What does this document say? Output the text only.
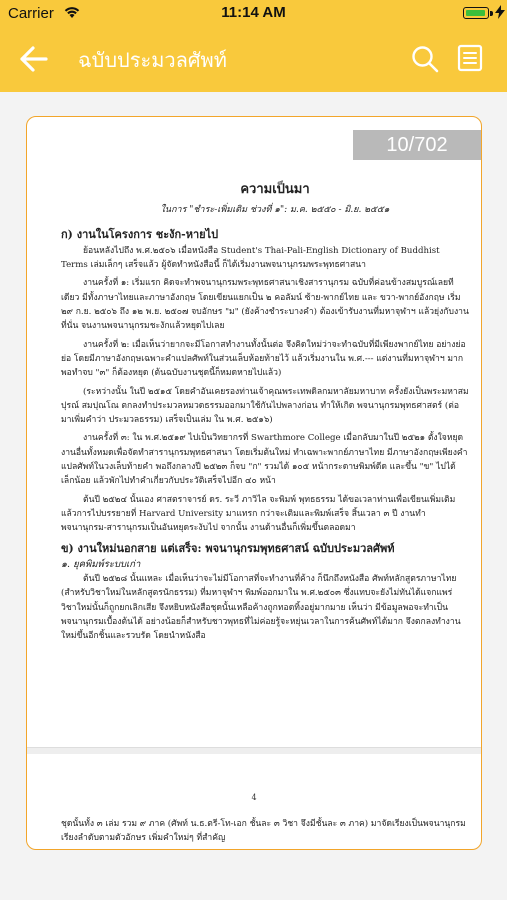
Carrier	11:14 AM
ฉบับประมวลศัพท์
10/702
ความเป็นมา
ในการ "ชำระ-เพิ่มเติม ช่วงที่ ๑": ม.ค. ๒๕๕๐ - มิ.ย. ๒๕๕๑
ก) งานในโครงการ ชะงัก-หายไป
ย้อนหลังไปถึง พ.ศ.๒๕๐๖ เมื่อหนังสือ Student's Thai-Pali-English Dictionary of Buddhist Terms เล่มเล็กๆ เสร็จแล้ว ผู้จัดทำหนังสือนี้ ก็ได้เริ่มงานพจนานุกรมพระพุทธศาสนา
งานครั้งที่ ๑: เริ่มแรก คิดจะทำพจนานุกรมพระพุทธศาสนาเชิงสารานุกรม ฉบับที่ค่อนข้างสมบูรณ์เลยทีเดียว มีทั้งภาษาไทยและภาษาอังกฤษ โดยเขียนแยกเป็น ๒ คอลัมน์ ซ้าย-พากย์ไทย และ ขวา-พากย์อังกฤษ เริ่ม ๒๙ ก.ย. ๒๕๐๖ ถึง ๑๒ พ.ย. ๒๕๐๗ จบอักษร "ม" (ยังค้างชำระบางคำ) ต้องเข้ารับงานที่มหาจุฬาฯ แล้วยุ่งกับงานที่นั่น จนงานพจนานุกรมชะงักแล้วหยุดไปเลย
งานครั้งที่ ๒: เมื่อเห็นว่ายากจะมีโอกาสทำงานทั้งนั้นต่อ จึงคิดใหม่ว่าจะทำฉบับที่มีเพียงพากย์ไทย อย่างย่อย่อ โดยมีภาษาอังกฤษเฉพาะคำแปลศัพท์ในส่วนเล็บห้อยท้ายไว้ แล้วเริ่มงานใน พ.ศ.--- แต่งานที่มหาจุฬาฯ มาก พอทำจบ "๓" ก็ต้องหยุด (ต้นฉบับงานชุดนี้ก็หมดหายไปแล้ว)
(ระหว่างนั้น ในปี ๒๕๑๕ โดยคำอันเคยรองท่านเจ้าคุณพระเทพดิลกมหาลัยมหาบาท ครั้งยังเป็นพระมหาสมปุรณ์ สมปุณโณ ตกลงทำประมวลหมวดธรรมออกมาใช้กันไปพลางก่อน ทำให้เกิด พจนานุกรมพุทธศาสตร์ (ต่อมาเพิ่มคำว่า ประมวลธรรม) เสร็จเป็นเล่ม ใน พ.ศ. ๒๕๑๖)
งานครั้งที่ ๓: ใน พ.ศ.๒๕๑๙ ไปเป็นวิทยากรที่ Swarthmore College เมื่อกลับมาในปี ๒๕๒๑ ตั้งใจหยุดงานอื่นทั้งหมดเพื่อจัดทำสารานุกรมพุทธศาสนา โดยเริ่มต้นใหม่ ทำเฉพาะพากย์ภาษาไทย มีภาษาอังกฤษเพียงคำแปลศัพท์ในวงเล็บท้ายคำ พอถึงกลางปี ๒๕๒๓ ก็จบ "ก" รวมได้ ๑๐๕ หน้ากระดาษพิมพ์ดีด และขึ้น "ข" ไปได้เล็กน้อย แล้วพักไปทำคำเกี่ยวกับประวัติเสร็จไปอีก ๔๐ หน้า
ต้นปี ๒๕๒๔ นั้นเอง ศาสตราจารย์ ดร. ระวี ภาวิไล จะพิมพ์ พุทธธรรม ได้ขอเวลาท่านเพื่อเขียนเพิ่มเติม แล้วการไปบรรยายที่ Harvard University มาแทรก กว่าจะเติมและพิมพ์เสร็จ สิ้นเวลา ๓ ปี งานทำพจนานุกรม-สารานุกรมเป็นอันหยุดระงับไป จากนั้น งานด้านอื่นก็เพิ่มขึ้นตลอดมา
ข) งานใหม่นอกสาย แต่เสร็จ: พจนานุกรมพุทธศาสน์ ฉบับประมวลศัพท์
๑. ยุคพิมพ์ระบบเก่า
ต้นปี ๒๕๒๘ นั้นแหละ เมื่อเห็นว่าจะไม่มีโอกาสที่จะทำงานที่ค้าง ก็นึกถึงหนังสือ ศัพท์หลักสูตรภาษาไทย (สำหรับวิชาใหม่ในหลักสูตรนักธรรม) ที่มหาจุฬาฯ พิมพ์ออกมาใน พ.ศ.๒๕๐๓ ซึ่งแทบจะยังไม่ทันได้แจกแพร่ วิชาใหม่นั้นก็ถูกยกเลิกเสีย จึงหยิบหนังสือชุดนั้นเหลือค้างถูกทอดทิ้งอยู่มากมาย เห็นว่า มีข้อมูลพอจะทำเป็นพจนานุกรมเบื้องต้นได้ อย่างน้อยก็สำหรับชาวพุทธที่ไม่ค่อยรู้จะหยุ่นเวลาในการค้นศัพท์ได้มาก จึงตกลงทำงานใหม่ขึ้นอีกชิ้นและรวบรัด โดยนำหนังสือ
4
ชุดนั้นทั้ง ๓ เล่ม รวม ๙ ภาค (ศัพท์ น.ธ.ตรี-โท-เอก ชั้นละ ๓ วิชา จึงมีชั้นละ ๓ ภาค) มาจัดเรียงเป็นพจนานุกรมเรียงลำดับตามตัวอักษร เพิ่มคำใหม่ๆ ที่สำคัญ
